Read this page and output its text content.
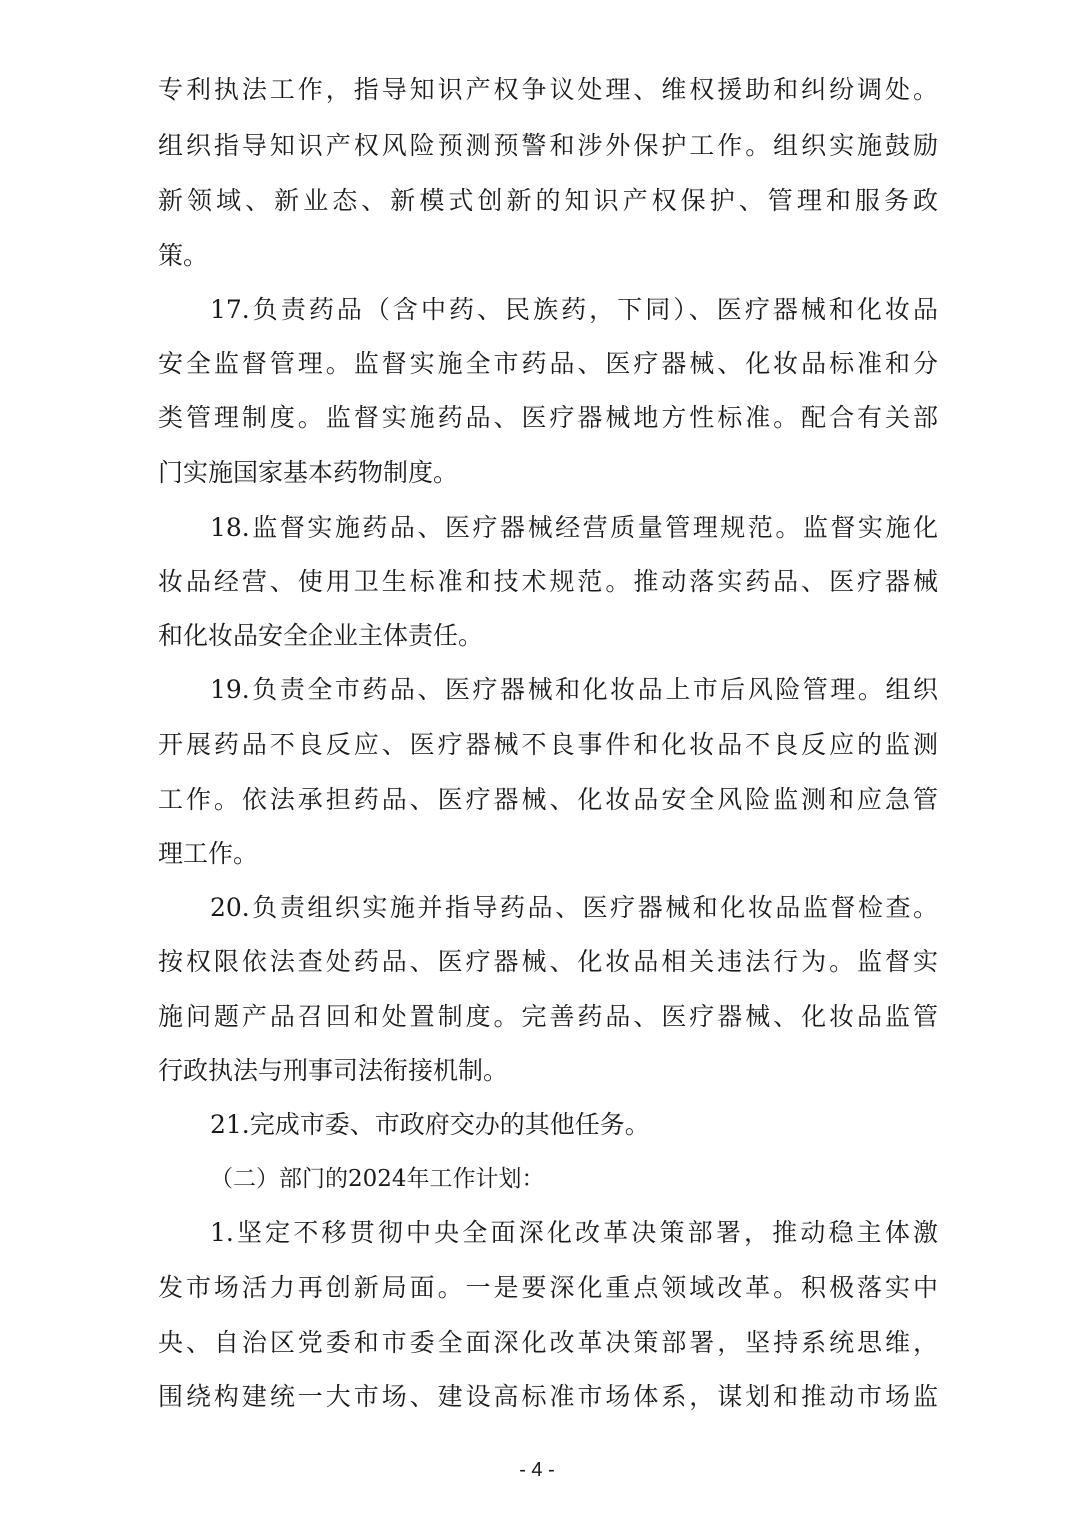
专利执法工作，指导知识产权争议处理、维权援助和纠纷调处。
组织指导知识产权风险预测预警和涉外保护工作。组织实施鼓励
新领域、新业态、新模式创新的知识产权保护、管理和服务政
策。
17.负责药品（含中药、民族药，下同）、医疗器械和化妆品
安全监督管理。监督实施全市药品、医疗器械、化妆品标准和分
类管理制度。监督实施药品、医疗器械地方性标准。配合有关部
门实施国家基本药物制度。
18.监督实施药品、医疗器械经营质量管理规范。监督实施化
妆品经营、使用卫生标准和技术规范。推动落实药品、医疗器械
和化妆品安全企业主体责任。
19.负责全市药品、医疗器械和化妆品上市后风险管理。组织
开展药品不良反应、医疗器械不良事件和化妆品不良反应的监测
工作。依法承担药品、医疗器械、化妆品安全风险监测和应急管
理工作。
20.负责组织实施并指导药品、医疗器械和化妆品监督检查。
按权限依法查处药品、医疗器械、化妆品相关违法行为。监督实
施问题产品召回和处置制度。完善药品、医疗器械、化妆品监管
行政执法与刑事司法衔接机制。
21.完成市委、市政府交办的其他任务。
（二）部门的2024年工作计划：
1.坚定不移贯彻中央全面深化改革决策部署，推动稳主体激
发市场活力再创新局面。一是要深化重点领域改革。积极落实中
央、自治区党委和市委全面深化改革决策部署，坚持系统思维，
围绕构建统一大市场、建设高标准市场体系，谋划和推动市场监
- 4 -
